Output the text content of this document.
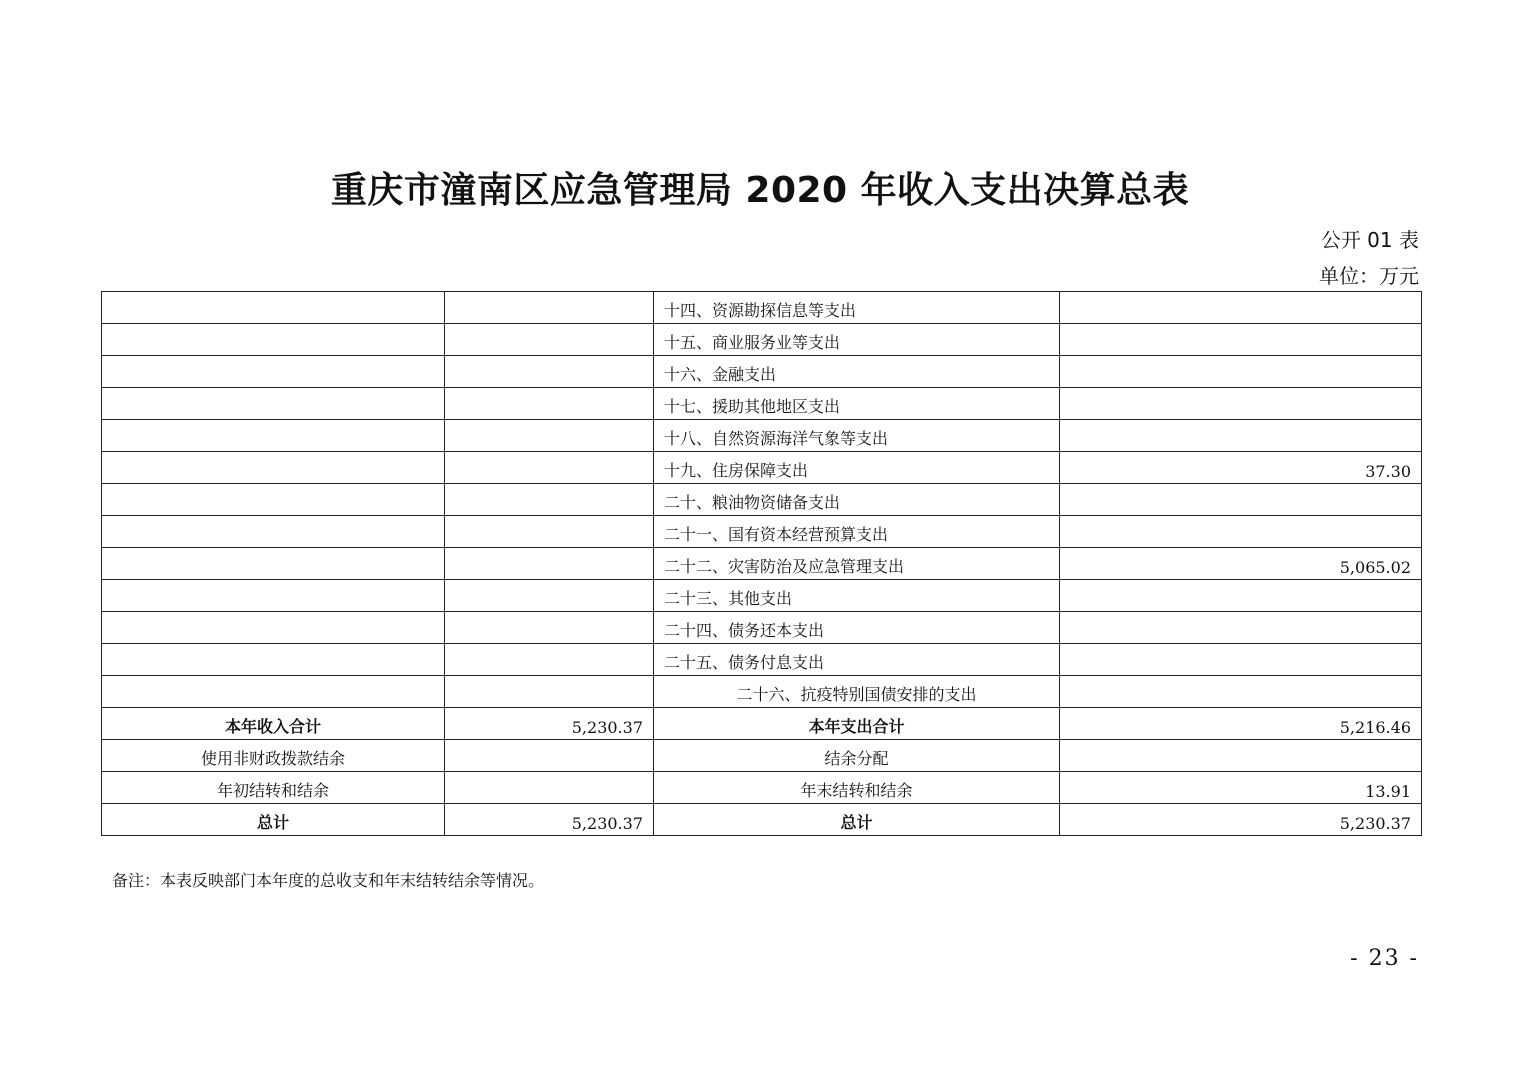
重庆市潼南区应急管理局 2020 年收入支出决算总表
公开 01 表
单位：万元
		十四、资源勘探信息等支出	
		十五、商业服务业等支出	
		十六、金融支出	
		十七、援助其他地区支出	
		十八、自然资源海洋气象等支出	
		十九、住房保障支出	37.30
		二十、粮油物资储备支出	
		二十一、国有资本经营预算支出	
		二十二、灾害防治及应急管理支出	5,065.02
		二十三、其他支出	
		二十四、债务还本支出	
		二十五、债务付息支出	
		二十六、抗疫特别国债安排的支出	
本年收入合计	5,230.37	本年支出合计	5,216.46
使用非财政拨款结余		结余分配	
年初结转和结余		年末结转和结余	13.91
总计	5,230.37	总计	5,230.37
备注：本表反映部门本年度的总收支和年末结转结余等情况。
- 23 -
